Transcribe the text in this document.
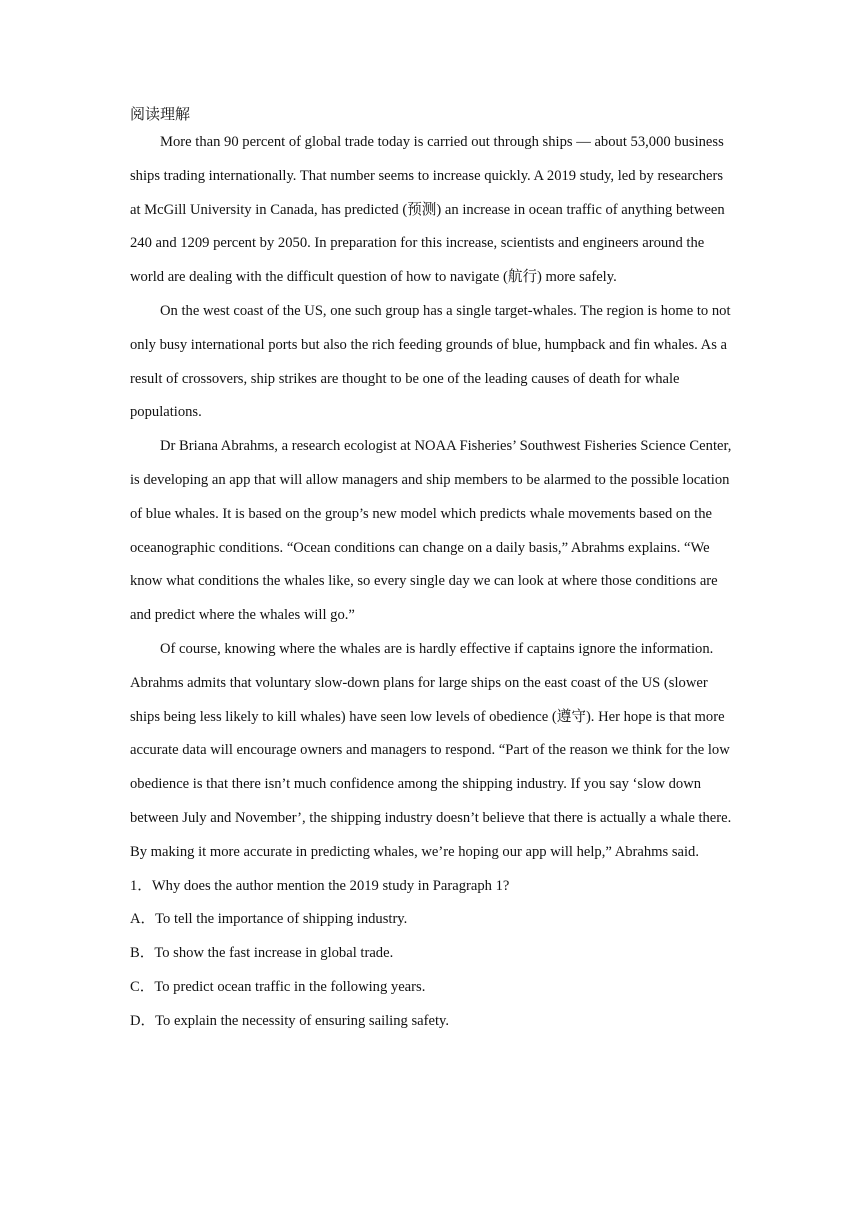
阅读理解

More than 90 percent of global trade today is carried out through ships — about 53,000 business ships trading internationally. That number seems to increase quickly. A 2019 study, led by researchers at McGill University in Canada, has predicted (预测) an increase in ocean traffic of anything between 240 and 1209 percent by 2050. In preparation for this increase, scientists and engineers around the world are dealing with the difficult question of how to navigate (航行) more safely.

On the west coast of the US, one such group has a single target-whales. The region is home to not only busy international ports but also the rich feeding grounds of blue, humpback and fin whales. As a result of crossovers, ship strikes are thought to be one of the leading causes of death for whale populations.

Dr Briana Abrahms, a research ecologist at NOAA Fisheries’ Southwest Fisheries Science Center, is developing an app that will allow managers and ship members to be alarmed to the possible location of blue whales. It is based on the group’s new model which predicts whale movements based on the oceanographic conditions. “Ocean conditions can change on a daily basis,” Abrahms explains. “We know what conditions the whales like, so every single day we can look at where those conditions are and predict where the whales will go.”

Of course, knowing where the whales are is hardly effective if captains ignore the information. Abrahms admits that voluntary slow-down plans for large ships on the east coast of the US (slower ships being less likely to kill whales) have seen low levels of obedience (遵守). Her hope is that more accurate data will encourage owners and managers to respond. “Part of the reason we think for the low obedience is that there isn’t much confidence among the shipping industry. If you say ‘slow down between July and November’, the shipping industry doesn’t believe that there is actually a whale there. By making it more accurate in predicting whales, we’re hoping our app will help,” Abrahms said.

1．Why does the author mention the 2019 study in Paragraph 1?

A．To tell the importance of shipping industry.
B．To show the fast increase in global trade.
C．To predict ocean traffic in the following years.
D．To explain the necessity of ensuring sailing safety.
